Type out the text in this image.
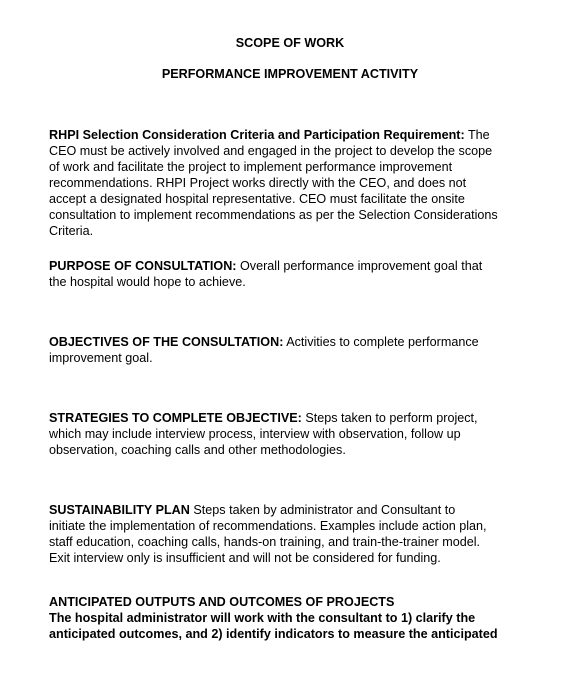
SCOPE OF WORK
PERFORMANCE IMPROVEMENT ACTIVITY
RHPI Selection Consideration Criteria and Participation Requirement: The
CEO must be actively involved and engaged in the project to develop the scope
of work and facilitate the project to implement performance improvement
recommendations. RHPI Project works directly with the CEO, and does not
accept a designated hospital representative. CEO must facilitate the onsite
consultation to implement recommendations as per the Selection Considerations
Criteria.
PURPOSE OF CONSULTATION: Overall performance improvement goal that
the hospital would hope to achieve.
OBJECTIVES OF THE CONSULTATION: Activities to complete performance
improvement goal.
STRATEGIES TO COMPLETE OBJECTIVE: Steps taken to perform project,
which may include interview process, interview with observation, follow up
observation, coaching calls and other methodologies.
SUSTAINABILITY PLAN Steps taken by administrator and Consultant to
initiate the implementation of recommendations. Examples include action plan,
staff education, coaching calls, hands-on training, and train-the-trainer model.
Exit interview only is insufficient and will not be considered for funding.
ANTICIPATED OUTPUTS AND OUTCOMES OF PROJECTS
The hospital administrator will work with the consultant to 1) clarify the
anticipated outcomes, and 2) identify indicators to measure the anticipated
